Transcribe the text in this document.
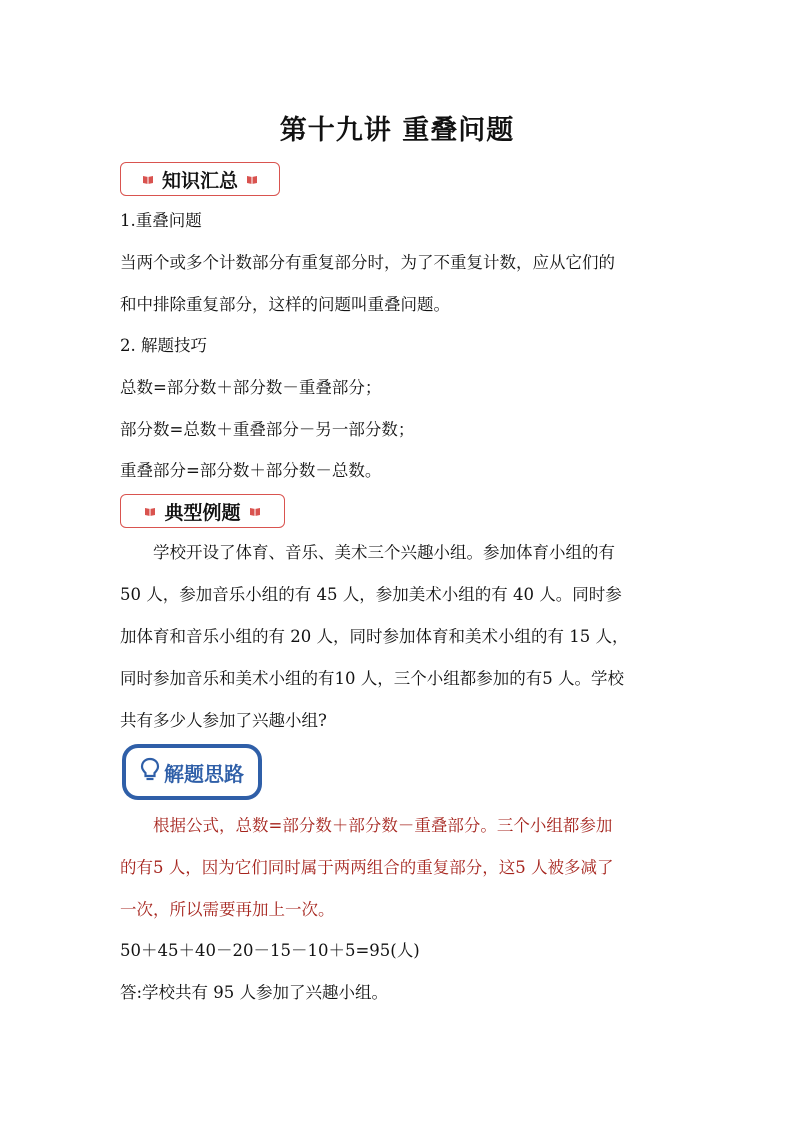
第十九讲 重叠问题
知识汇总
1.重叠问题
当两个或多个计数部分有重复部分时，为了不重复计数，应从它们的
和中排除重复部分，这样的问题叫重叠问题。
2. 解题技巧
总数=部分数＋部分数－重叠部分；
部分数=总数＋重叠部分－另一部分数；
重叠部分=部分数＋部分数－总数。
典型例题
　　学校开设了体育、音乐、美术三个兴趣小组。参加体育小组的有
50 人，参加音乐小组的有 45 人，参加美术小组的有 40 人。同时参
加体育和音乐小组的有 20 人，同时参加体育和美术小组的有 15 人，
同时参加音乐和美术小组的有10 人，三个小组都参加的有5 人。学校
共有多少人参加了兴趣小组?
解题思路
　　根据公式，总数=部分数＋部分数－重叠部分。三个小组都参加
的有5 人，因为它们同时属于两两组合的重复部分，这5 人被多减了
一次，所以需要再加上一次。
50＋45＋40－20－15－10＋5=95(人)
答:学校共有 95 人参加了兴趣小组。
